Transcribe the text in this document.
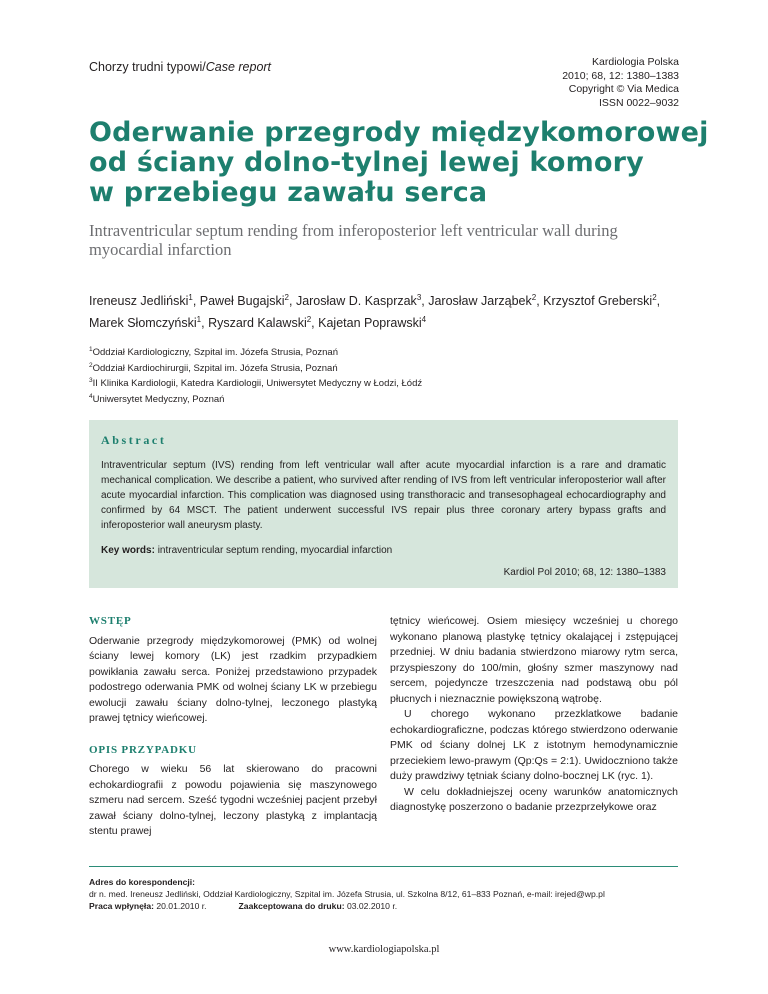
Chorzy trudni typowi/Case report	Kardiologia Polska
2010; 68, 12: 1380–1383
Copyright © Via Medica
ISSN 0022–9032
Oderwanie przegrody międzykomorowej
od ściany dolno-tylnej lewej komory
w przebiegu zawału serca
Intraventricular septum rending from inferoposterior left ventricular wall during myocardial infarction
Ireneusz Jedliński$^1$, Paweł Bugajski$^2$, Jarosław D. Kasprzak$^3$, Jarosław Jarząbek$^2$, Krzysztof Greberski$^2$,
Marek Słomczyński$^1$, Ryszard Kalawski$^2$, Kajetan Poprawski$^4$
$^1$Oddział Kardiologiczny, Szpital im. Józefa Strusia, Poznań
$^2$Oddział Kardiochirurgii, Szpital im. Józefa Strusia, Poznań
$^3$II Klinika Kardiologii, Katedra Kardiologii, Uniwersytet Medyczny w Łodzi, Łódź
$^4$Uniwersytet Medyczny, Poznań
Abstract

Intraventricular septum (IVS) rending from left ventricular wall after acute myocardial infarction is a rare and dramatic mechanical complication. We describe a patient, who survived after rending of IVS from left ventricular inferoposterior wall after acute myocardial infarction. This complication was diagnosed using transthoracic and transesophageal echocardiography and confirmed by 64 MSCT. The patient underwent successful IVS repair plus three coronary artery bypass grafts and inferoposterior wall aneurysm plasty.

Key words: intraventricular septum rending, myocardial infarction

Kardiol Pol 2010; 68, 12: 1380–1383

WSTĘP

Oderwanie przegrody międzykomorowej (PMK) od wolnej ściany lewej komory (LK) jest rzadkim przypadkiem powikłania zawału serca. Poniżej przedstawiono przypadek podostrego oderwania PMK od wolnej ściany LK w przebiegu ewolucji zawału ściany dolno-tylnej, leczonego plastyką prawej tętnicy wieńcowej.

OPIS PRZYPADKU

Chorego w wieku 56 lat skierowano do pracowni echokardiografii z powodu pojawienia się maszynowego szmeru nad sercem. Sześć tygodni wcześniej pacjent przebył zawał ściany dolno-tylnej, leczony plastyką z implantacją stentu prawej

tętnicy wieńcowej. Osiem miesięcy wcześniej u chorego wykonano planową plastykę tętnicy okalającej i zstępującej przedniej. W dniu badania stwierdzono miarowy rytm serca, przyspieszony do 100/min, głośny szmer maszynowy nad sercem, pojedyncze trzeszczenia nad podstawą obu pól płucnych i nieznacznie powiększoną wątrobę.

U chorego wykonano przezklatkowe badanie echokardiograficzne, podczas którego stwierdzono oderwanie PMK od ściany dolnej LK z istotnym hemodynamicznie przeciekiem lewo-prawym (Qp:Qs = 2:1). Uwidoczniono także duży prawdziwy tętniak ściany dolno-bocznej LK (ryc. 1).

W celu dokładniejszej oceny warunków anatomicznych diagnostykę poszerzono o badanie przezprzełykowe oraz

Adres do korespondencji:
dr n. med. Ireneusz Jedliński, Oddział Kardiologiczny, Szpital im. Józefa Strusia, ul. Szkolna 8/12, 61–833 Poznań, e-mail: irejed@wp.pl
Praca wpłynęła: 20.01.2010 r.	Zaakceptowana do druku: 03.02.2010 r.
www.kardiologiapolska.pl
